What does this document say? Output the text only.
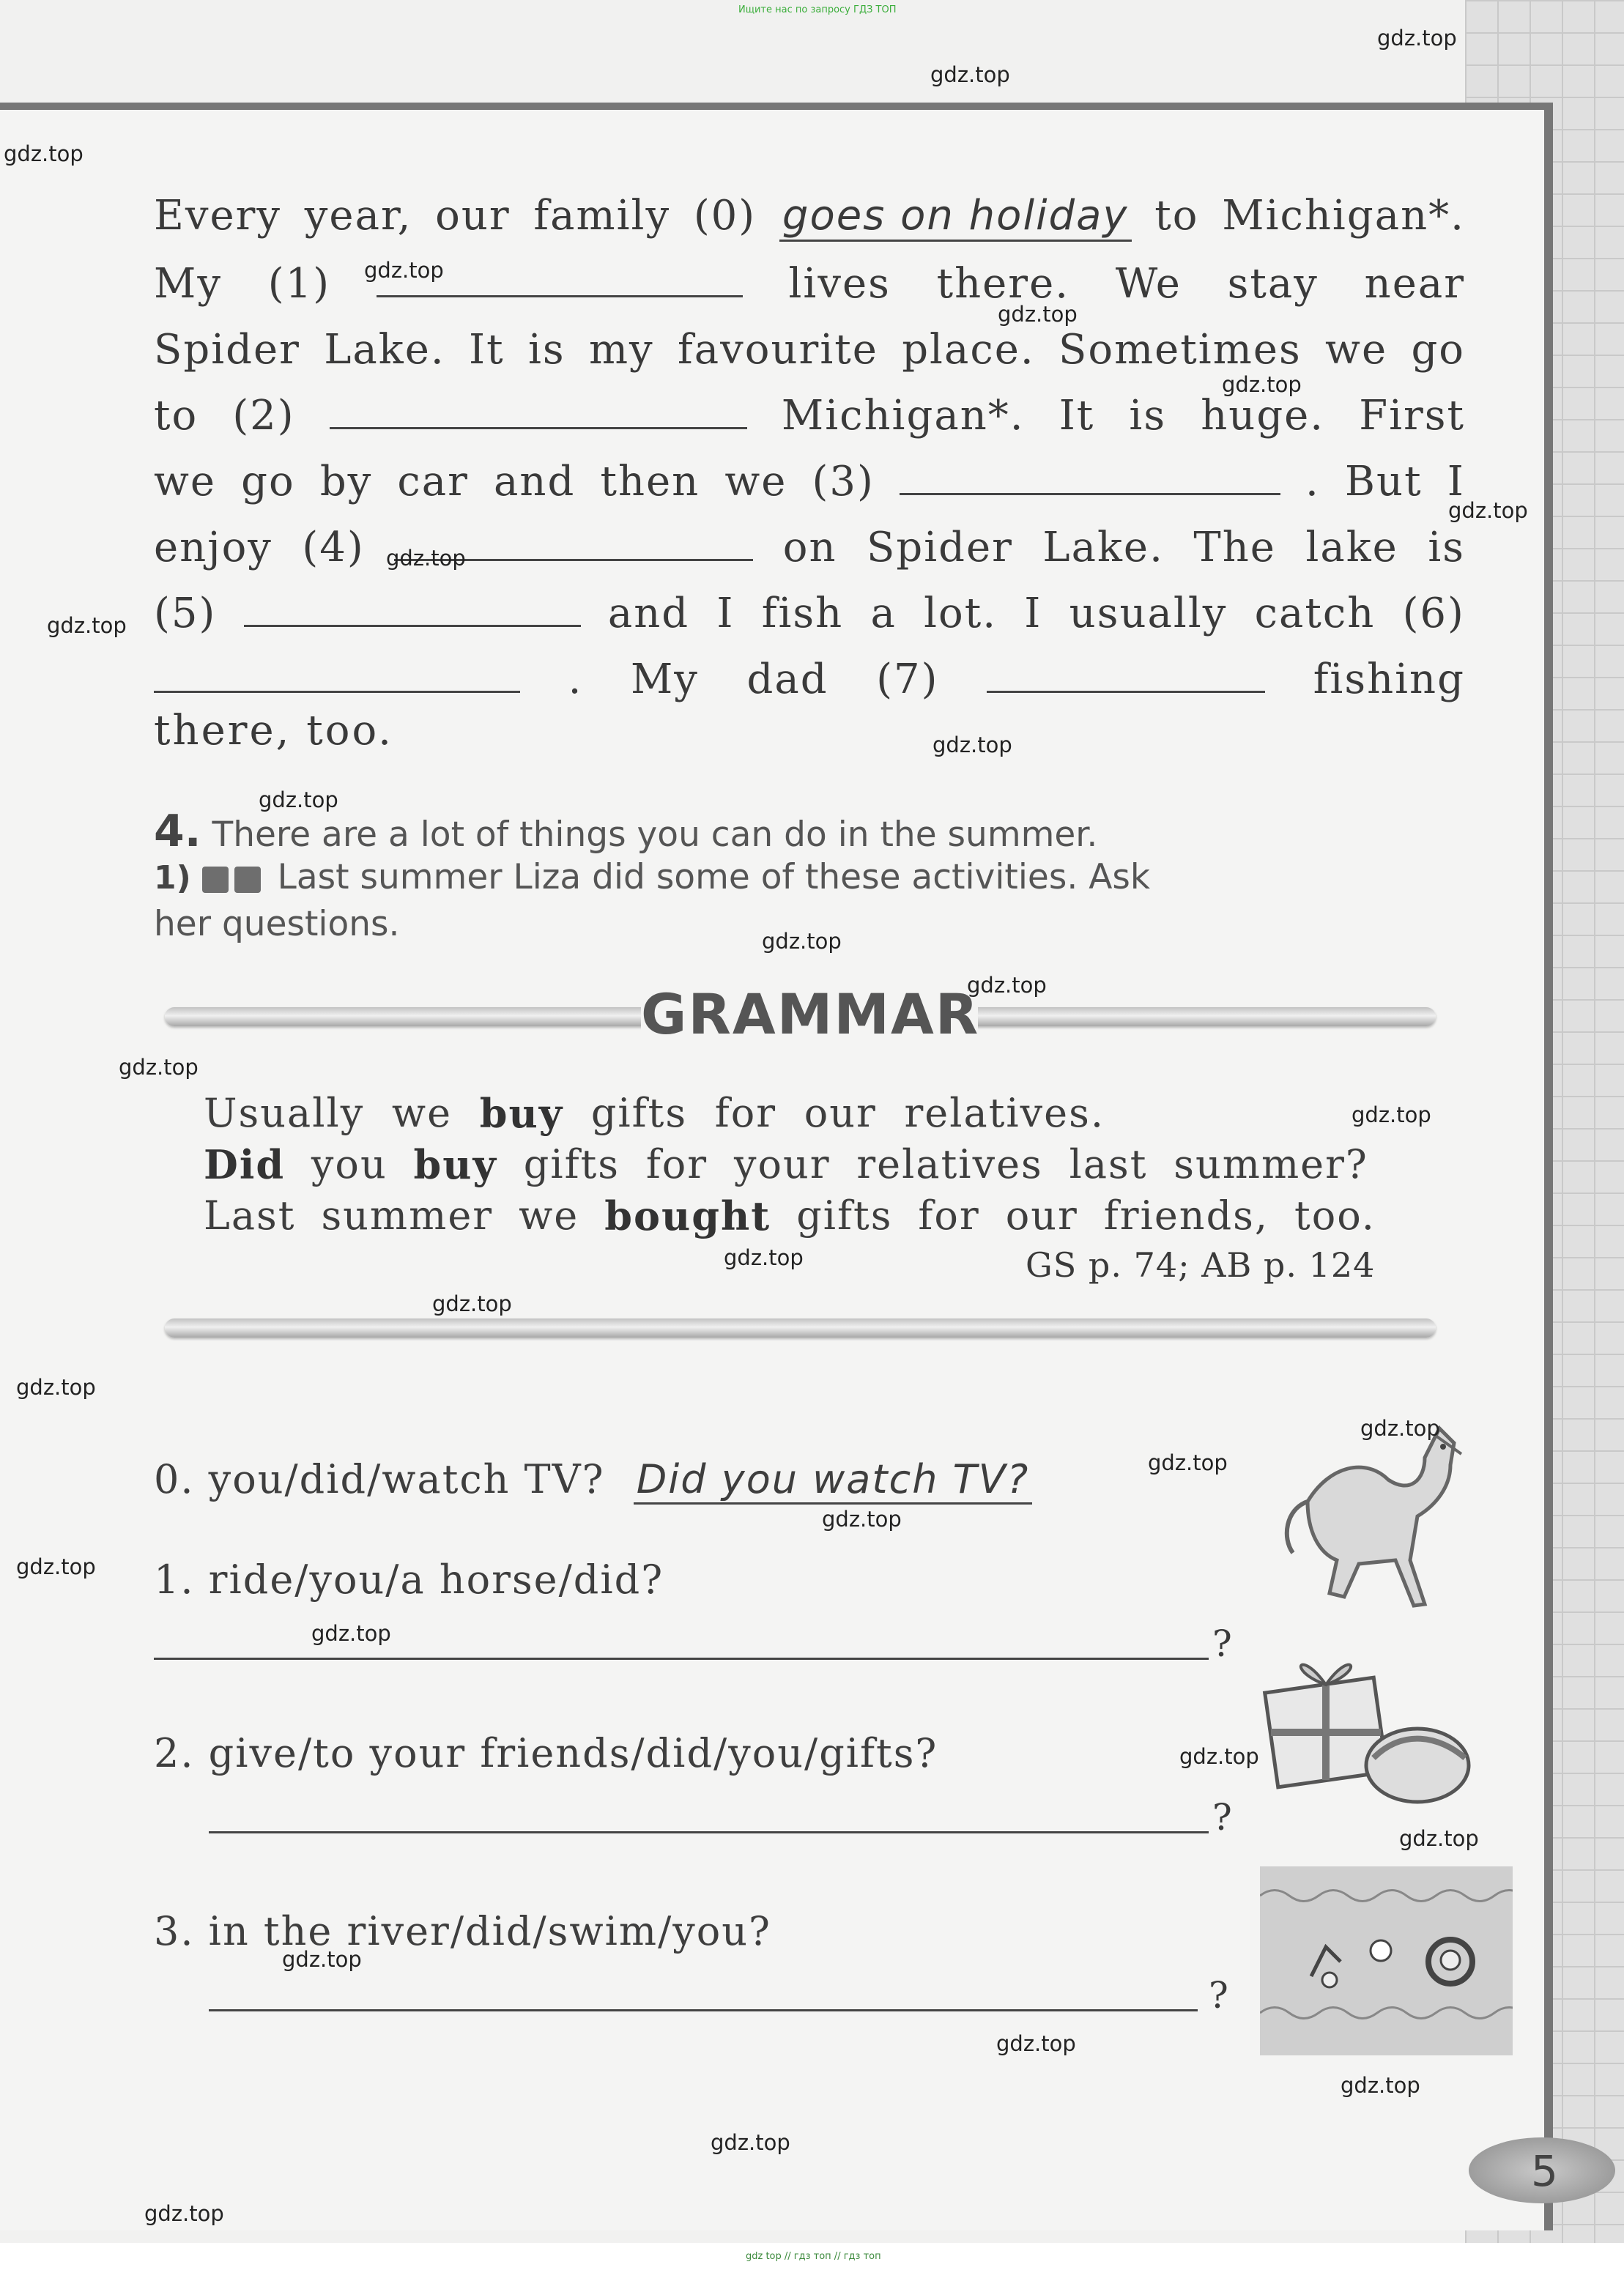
Ищите нас по запросу ГДЗ ТОП
gdz top // гдз топ // гдз топ
Every year, our family (0) goes on holiday to Michigan*.
My (1)	lives there. We stay near
Spider Lake. It is my favourite place. Sometimes we go
to (2)	Michigan*. It is huge. First
we go by car and then we (3)	. But I
enjoy (4)	on Spider Lake. The lake is
(5)	and I fish a lot. I usually catch (6)
. My dad (7)	fishing
there, too.
4. There are a lot of things you can do in the summer.
1)	Last summer Liza did some of these activities. Ask
her questions.
GRAMMAR
Usually we buy gifts for our relatives.
Did you buy gifts for your relatives last summer?
Last summer we bought gifts for our friends, too.
GS p. 74; AB p. 124
0. you/did/watch TV? Did you watch TV?
1. ride/you/a horse/did?
?
2. give/to your friends/did/you/gifts?
?
3. in the river/did/swim/you?
?
5
gdz.top
gdz.top
gdz.top
gdz.top
gdz.top
gdz.top
gdz.top
gdz.top
gdz.top
gdz.top
gdz.top
gdz.top
gdz.top
gdz.top
gdz.top
gdz.top
gdz.top
gdz.top
gdz.top
gdz.top
gdz.top
gdz.top
gdz.top
gdz.top
gdz.top
gdz.top
gdz.top
gdz.top
gdz.top
gdz.top
